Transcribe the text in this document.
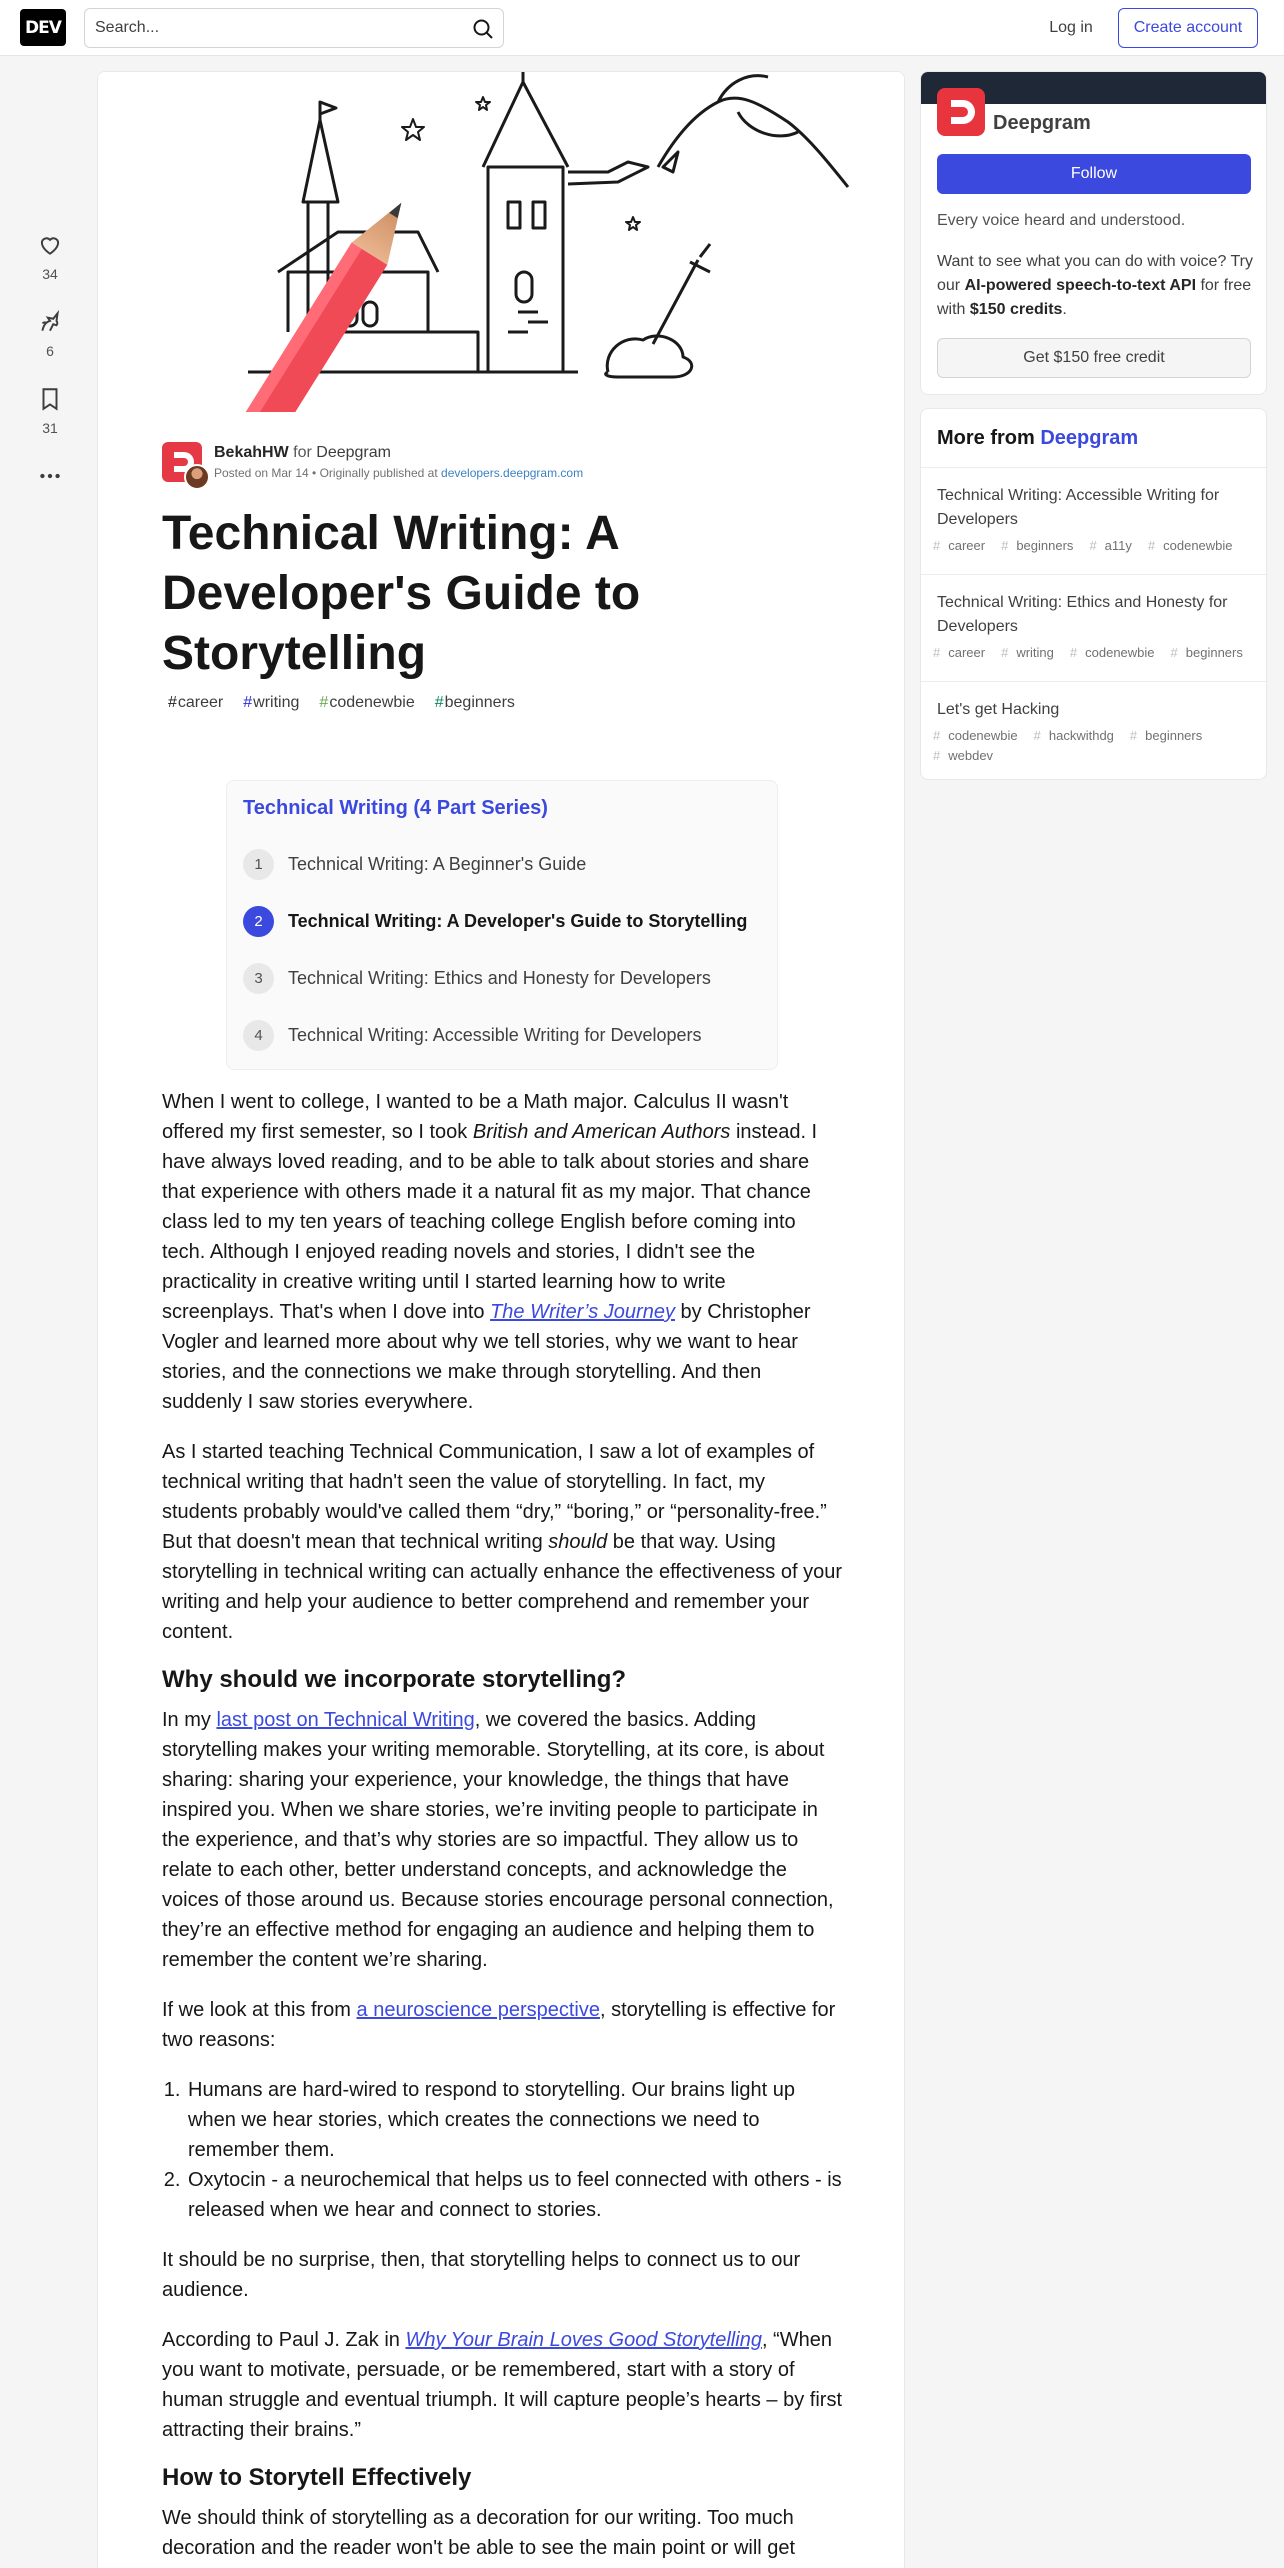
DEV
Search...	Log in	Create account
34
6
31
BekahHW for Deepgram
Posted on Mar 14 • Originally published at developers.deepgram.com
Technical Writing: A Developer's Guide to Storytelling
#career	#writing	#codenewbie	#beginners
Technical Writing (4 Part Series)
1	Technical Writing: A Beginner's Guide
2	Technical Writing: A Developer's Guide to Storytelling
3	Technical Writing: Ethics and Honesty for Developers
4	Technical Writing: Accessible Writing for Developers

When I went to college, I wanted to be a Math major. Calculus II wasn't offered my first semester, so I took British and American Authors instead. I have always loved reading, and to be able to talk about stories and share that experience with others made it a natural fit as my major. That chance class led to my ten years of teaching college English before coming into tech. Although I enjoyed reading novels and stories, I didn't see the practicality in creative writing until I started learning how to write screenplays. That's when I dove into The Writer’s Journey by Christopher Vogler and learned more about why we tell stories, why we want to hear stories, and the connections we make through storytelling. And then suddenly I saw stories everywhere.

As I started teaching Technical Communication, I saw a lot of examples of technical writing that hadn't seen the value of storytelling. In fact, my students probably would've called them “dry,” “boring,” or “personality-free.” But that doesn't mean that technical writing should be that way. Using storytelling in technical writing can actually enhance the effectiveness of your writing and help your audience to better comprehend and remember your content.

Why should we incorporate storytelling?

In my last post on Technical Writing, we covered the basics. Adding storytelling makes your writing memorable. Storytelling, at its core, is about sharing: sharing your experience, your knowledge, the things that have inspired you. When we share stories, we’re inviting people to participate in the experience, and that’s why stories are so impactful. They allow us to relate to each other, better understand concepts, and acknowledge the voices of those around us. Because stories encourage personal connection, they’re an effective method for engaging an audience and helping them to remember the content we’re sharing.

If we look at this from a neuroscience perspective, storytelling is effective for two reasons:

1. Humans are hard-wired to respond to storytelling. Our brains light up when we hear stories, which creates the connections we need to remember them.
2. Oxytocin - a neurochemical that helps us to feel connected with others - is released when we hear and connect to stories.

It should be no surprise, then, that storytelling helps to connect us to our audience.

According to Paul J. Zak in Why Your Brain Loves Good Storytelling, “When you want to motivate, persuade, or be remembered, start with a story of human struggle and eventual triumph. It will capture people’s hearts – by first attracting their brains.”

How to Storytell Effectively

We should think of storytelling as a decoration for our writing. Too much decoration and the reader won't be able to see the main point or will get

Deepgram
Follow
Every voice heard and understood.
Want to see what you can do with voice? Try our AI-powered speech-to-text API for free with $150 credits.
Get $150 free credit
More from Deepgram
Technical Writing: Accessible Writing for Developers
# career # beginners # a11y # codenewbie
Technical Writing: Ethics and Honesty for Developers
# career # writing # codenewbie # beginners
Let's get Hacking
# codenewbie # hackwithdg # beginners
# webdev
